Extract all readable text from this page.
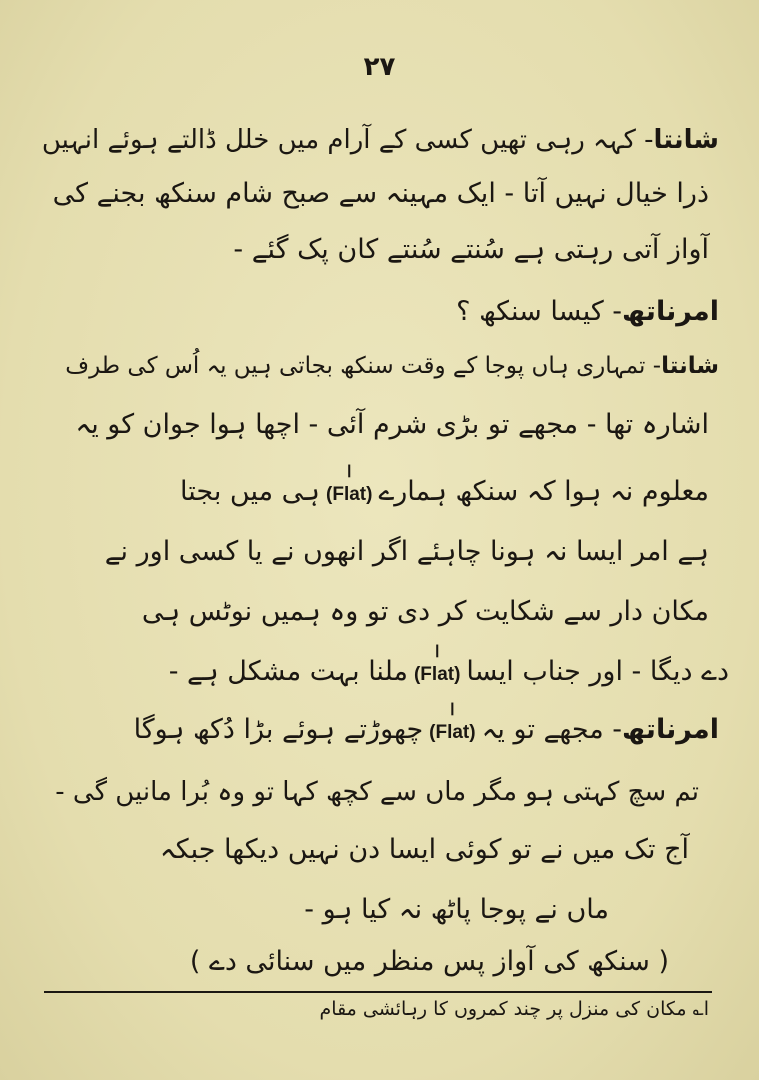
۲۷
شانتا- کہہ رہی تھیں کسی کے آرام میں خلل ڈالتے ہوئے انہیں
ذرا خیال نہیں آتا - ایک مہینہ سے صبح شام سنکھ بجنے کی
آواز آتی رہتی ہے سُنتے سُنتے کان پک گئے -
امرناتھ- کیسا سنکھ ؟
شانتا- تمہاری ہاں پوجا کے وقت سنکھ بجاتی ہیں یہ اُس کی طرف
اشارہ تھا - مجھے تو بڑی شرم آئی - اچھا ہوا جوان کو یہ
معلوم نہ ہوا کہ سنکھ ہمارےا (Flat)ہی میں بجتا
ہے امر ایسا نہ ہونا چاہئے اگر انھوں نے یا کسی اور نے
مکان دار سے شکایت کر دی تو وہ ہمیں نوٹس ہی
دے دیگا - اور جناب ایساا (Flat)ملنا بہت مشکل ہے -
امرناتھ- مجھے تو یہا (Flat)چھوڑتے ہوئے بڑا دُکھ ہوگا
تم سچ کہتی ہو مگر ماں سے کچھ کہا تو وہ بُرا مانیں گی -
آج تک میں نے تو کوئی ایسا دن نہیں دیکھا جبکہ
ماں نے پوجا پاٹھ نہ کیا ہو -
( سنکھ کی آواز پس منظر میں سنائی دے )
ا؎ مکان کی منزل پر چند کمروں کا رہائشی مقام
